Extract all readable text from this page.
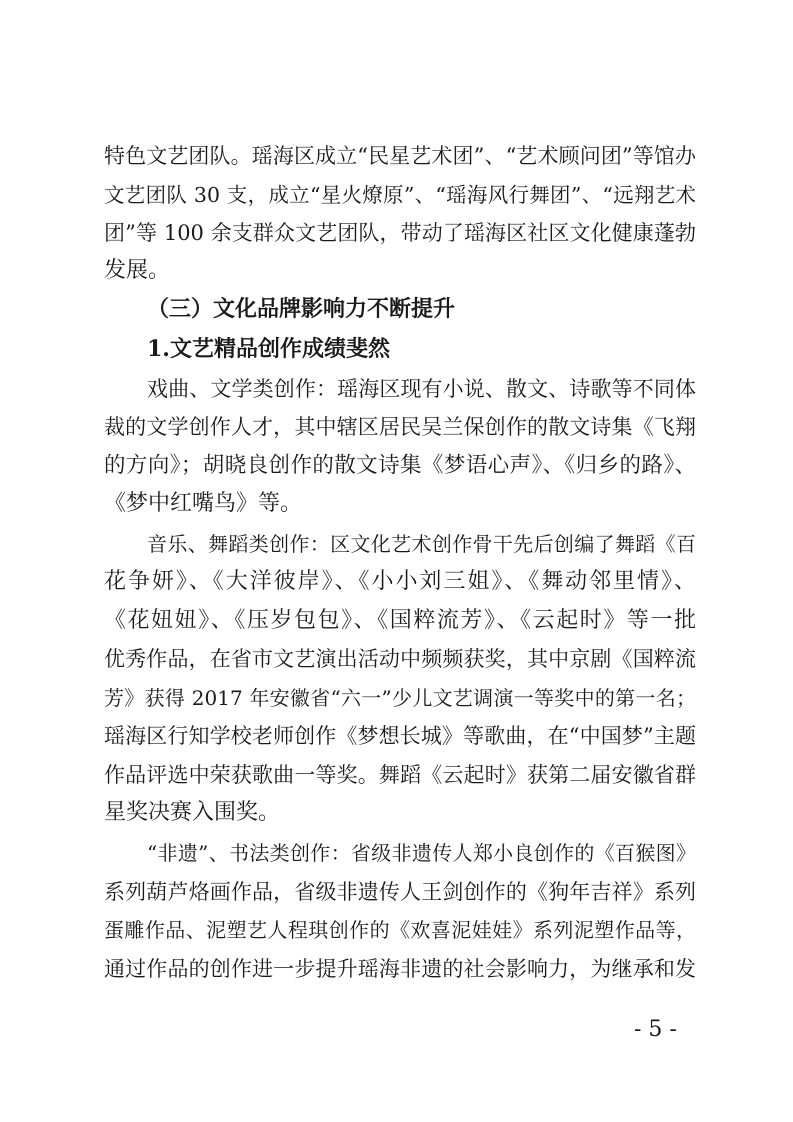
特色文艺团队。瑶海区成立“民星艺术团”、“艺术顾问团”等馆办
文艺团队 30 支，成立“星火燎原”、“瑶海风行舞团”、“远翔艺术
团”等 100 余支群众文艺团队，带动了瑶海区社区文化健康蓬勃
发展。
（三）文化品牌影响力不断提升
1.文艺精品创作成绩斐然
戏曲、文学类创作：瑶海区现有小说、散文、诗歌等不同体
裁的文学创作人才，其中辖区居民吴兰保创作的散文诗集《飞翔
的方向》；胡晓良创作的散文诗集《梦语心声》、《归乡的路》、
《梦中红嘴鸟》等。
音乐、舞蹈类创作：区文化艺术创作骨干先后创编了舞蹈《百
花争妍》、《大洋彼岸》、《小小刘三姐》、《舞动邻里情》、
《花妞妞》、《压岁包包》、《国粹流芳》、《云起时》等一批
优秀作品，在省市文艺演出活动中频频获奖，其中京剧《国粹流
芳》获得 2017 年安徽省“六一”少儿文艺调演一等奖中的第一名；
瑶海区行知学校老师创作《梦想长城》等歌曲，在“中国梦”主题
作品评选中荣获歌曲一等奖。舞蹈《云起时》获第二届安徽省群
星奖决赛入围奖。
“非遗”、书法类创作：省级非遗传人郑小良创作的《百猴图》
系列葫芦烙画作品，省级非遗传人王剑创作的《狗年吉祥》系列
蛋雕作品、泥塑艺人程琪创作的《欢喜泥娃娃》系列泥塑作品等，
通过作品的创作进一步提升瑶海非遗的社会影响力，为继承和发
- 5 -
